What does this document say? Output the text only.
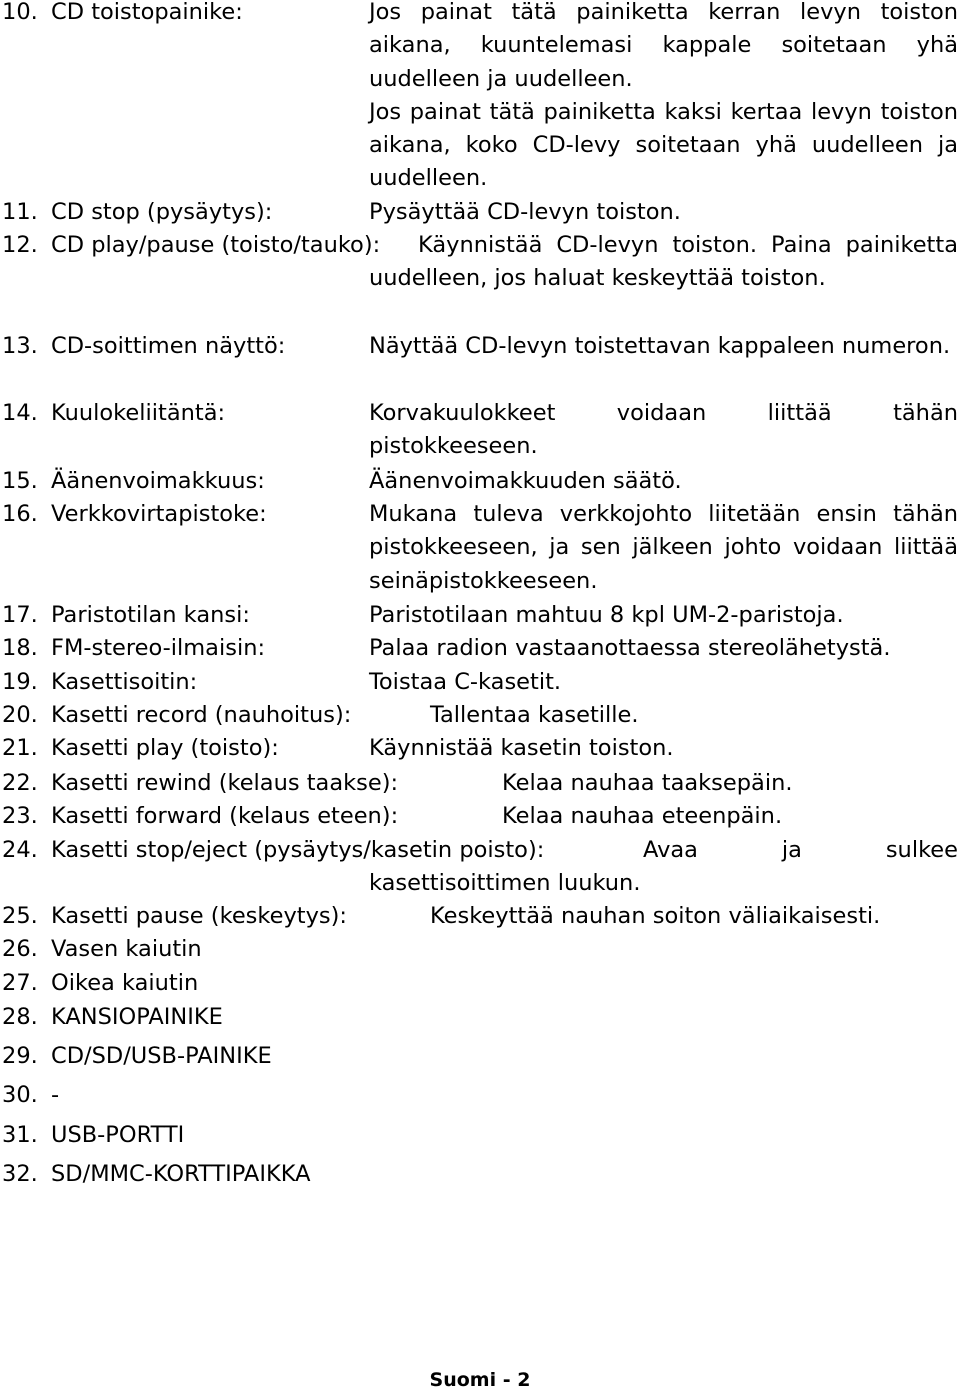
10. CD toistopainike:	Jos painat tätä painiketta kerran levyn toiston aikana, kuuntelemasi kappale soitetaan yhä uudelleen ja uudelleen.
Jos painat tätä painiketta kaksi kertaa levyn toiston aikana, koko CD-levy soitetaan yhä uudelleen ja uudelleen.
11. CD stop (pysäytys):	Pysäyttää CD-levyn toiston.
12. CD play/pause (toisto/tauko):	Käynnistää CD-levyn toiston. Paina painiketta uudelleen, jos haluat keskeyttää toiston.
13. CD-soittimen näyttö:	Näyttää CD-levyn toistettavan kappaleen numeron.
14. Kuulokeliitäntä:	Korvakuulokkeet voidaan liittää tähän pistokkeeseen.
15. Äänenvoimakkuus:	Äänenvoimakkuuden säätö.
16. Verkkovirtapistoke:	Mukana tuleva verkkojohto liitetään ensin tähän pistokkeeseen, ja sen jälkeen johto voidaan liittää seinäpistokkeeseen.
17. Paristotilan kansi:	Paristotilaan mahtuu 8 kpl UM-2-paristoja.
18. FM-stereo-ilmaisin:	Palaa radion vastaanottaessa stereolähetystä.
19. Kasettisoitin:	Toistaa C-kasetit.
20. Kasetti record (nauhoitus):	Tallentaa kasetille.
21. Kasetti play (toisto):	Käynnistää kasetin toiston.
22. Kasetti rewind (kelaus taakse):	Kelaa nauhaa taaksepäin.
23. Kasetti forward (kelaus eteen):	Kelaa nauhaa eteenpäin.
24. Kasetti stop/eject (pysäytys/kasetin poisto):	Avaa ja sulkee kasettisoittimen luukun.
25. Kasetti pause (keskeytys):	Keskeyttää nauhan soiton väliaikaisesti.
26. Vasen kaiutin
27. Oikea kaiutin
28. KANSIOPAINIKE
29. CD/SD/USB-PAINIKE
30. -
31. USB-PORTTI
32. SD/MMC-KORTTIPAIKKA
Suomi - 2
